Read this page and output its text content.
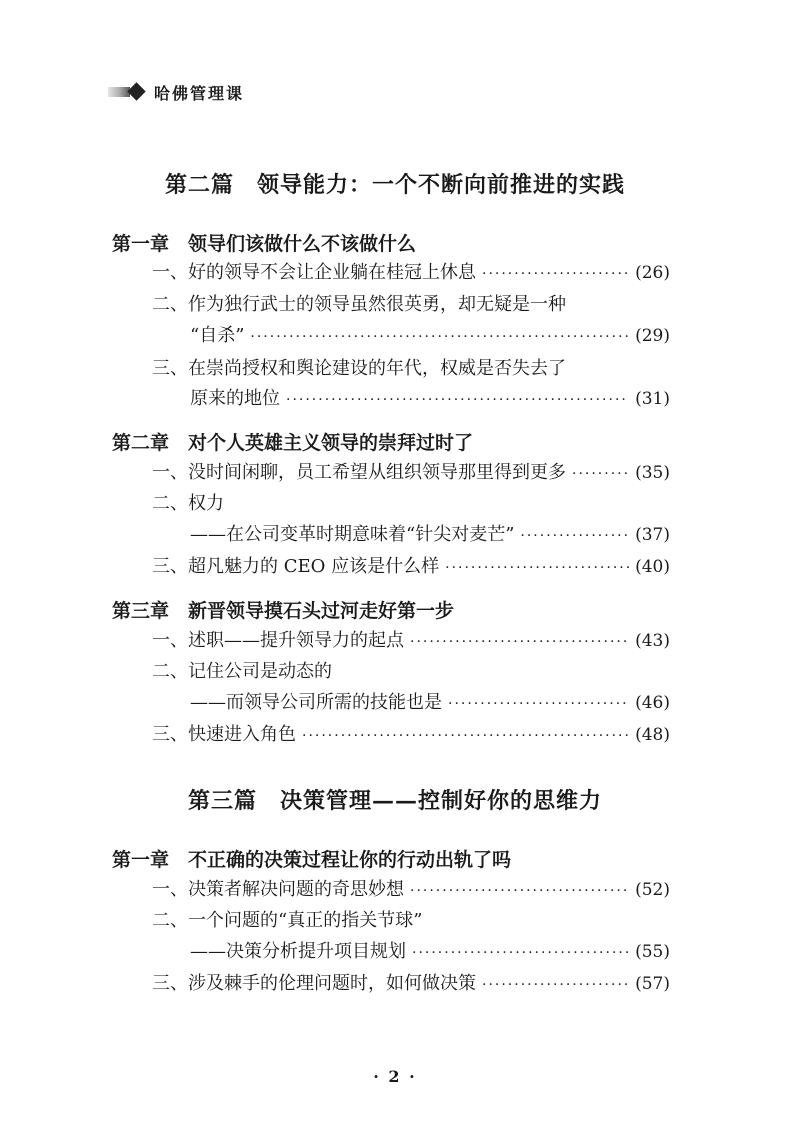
哈佛管理课
第二篇　领导能力：一个不断向前推进的实践
第一章　领导们该做什么不该做什么
一、好的领导不会让企业躺在桂冠上休息 ·····	(26)
二、作为独行武士的领导虽然很英勇，却无疑是一种
“自杀” ·····	(29)
三、在崇尚授权和舆论建设的年代，权威是否失去了
原来的地位 ·····	(31)
第二章　对个人英雄主义领导的崇拜过时了
一、没时间闲聊，员工希望从组织领导那里得到更多 ·····	(35)
二、权力
——在公司变革时期意味着“针尖对麦芒” ·····	(37)
三、超凡魅力的 CEO 应该是什么样 ·····	(40)
第三章　新晋领导摸石头过河走好第一步
一、述职——提升领导力的起点 ·····	(43)
二、记住公司是动态的
——而领导公司所需的技能也是 ·····	(46)
三、快速进入角色 ·····	(48)
第三篇　决策管理——控制好你的思维力
第一章　不正确的决策过程让你的行动出轨了吗
一、决策者解决问题的奇思妙想 ·····	(52)
二、一个问题的“真正的指关节球”
——决策分析提升项目规划 ·····	(55)
三、涉及棘手的伦理问题时，如何做决策 ·····	(57)
· 2 ·
